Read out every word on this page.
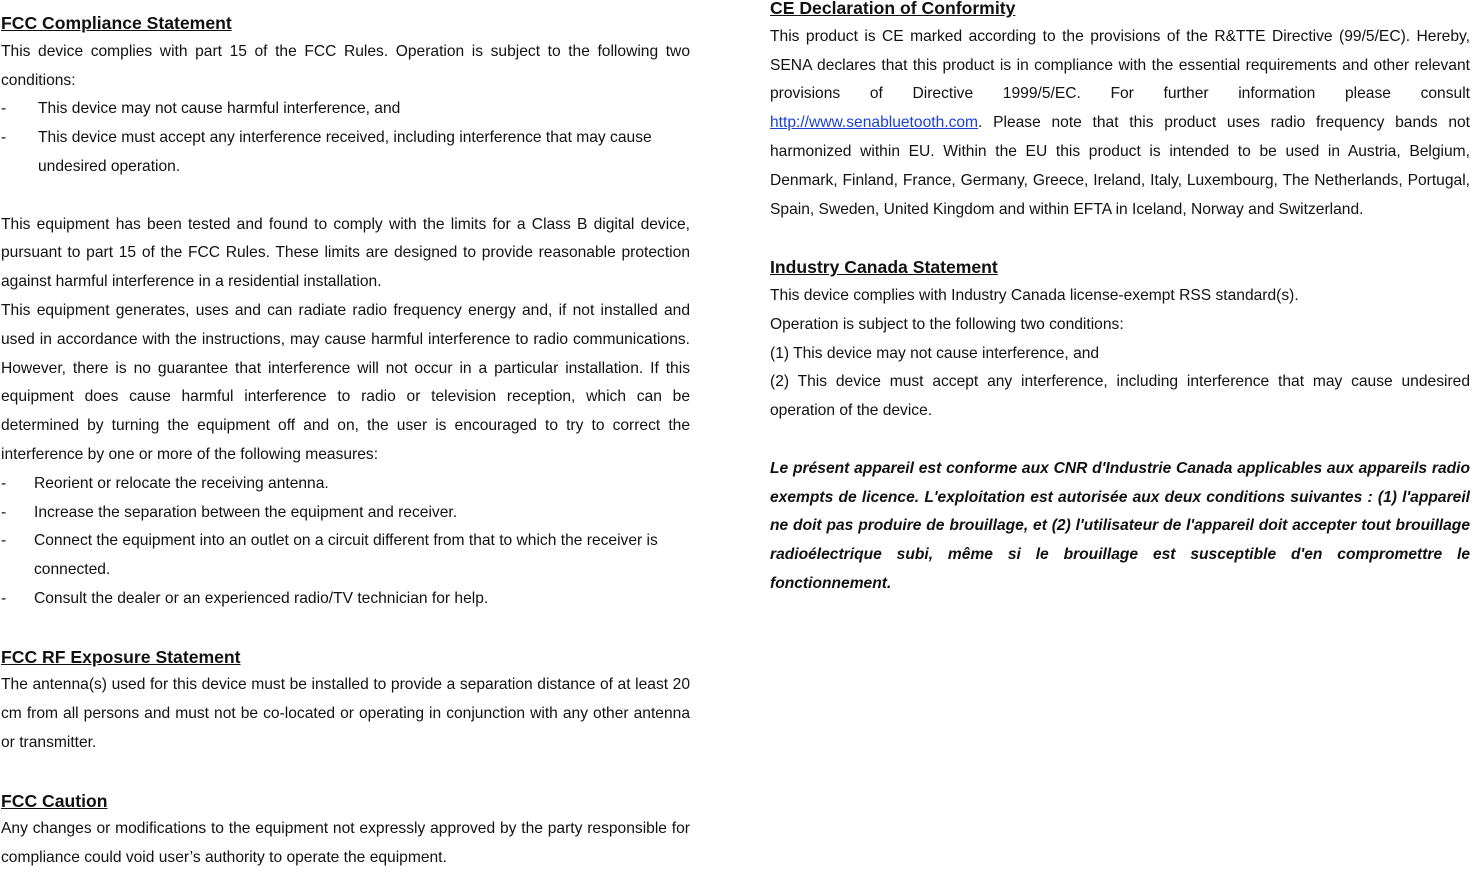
FCC Compliance Statement

This device complies with part 15 of the FCC Rules. Operation is subject to the following two conditions:

-	This device may not cause harmful interference, and
-	This device must accept any interference received, including interference that may cause undesired operation.

This equipment has been tested and found to comply with the limits for a Class B digital device, pursuant to part 15 of the FCC Rules. These limits are designed to provide reasonable protection against harmful interference in a residential installation.

This equipment generates, uses and can radiate radio frequency energy and, if not installed and used in accordance with the instructions, may cause harmful interference to radio communications. However, there is no guarantee that interference will not occur in a particular installation. If this equipment does cause harmful interference to radio or television reception, which can be determined by turning the equipment off and on, the user is encouraged to try to correct the interference by one or more of the following measures:

-	Reorient or relocate the receiving antenna.
-	Increase the separation between the equipment and receiver.
-	Connect the equipment into an outlet on a circuit different from that to which the receiver is connected.
-	Consult the dealer or an experienced radio/TV technician for help.
FCC RF Exposure Statement

The antenna(s) used for this device must be installed to provide a separation distance of at least 20 cm from all persons and must not be co-located or operating in conjunction with any other antenna or transmitter.

FCC Caution

Any changes or modifications to the equipment not expressly approved by the party responsible for compliance could void user’s authority to operate the equipment.

CE Declaration of Conformity

This product is CE marked according to the provisions of the R&TTE Directive (99/5/EC). Hereby, SENA declares that this product is in compliance with the essential requirements and other relevant provisions of Directive 1999/5/EC. For further information please consult http://www.senabluetooth.com. Please note that this product uses radio frequency bands not harmonized within EU. Within the EU this product is intended to be used in Austria, Belgium, Denmark, Finland, France, Germany, Greece, Ireland, Italy, Luxembourg, The Netherlands, Portugal, Spain, Sweden, United Kingdom and within EFTA in Iceland, Norway and Switzerland.

Industry Canada Statement

This device complies with Industry Canada license-exempt RSS standard(s).

Operation is subject to the following two conditions:

(1) This device may not cause interference, and

(2) This device must accept any interference, including interference that may cause undesired operation of the device.

Le présent appareil est conforme aux CNR d'Industrie Canada applicables aux appareils radio exempts de licence. L'exploitation est autorisée aux deux conditions suivantes : (1) l'appareil ne doit pas produire de brouillage, et (2) l'utilisateur de l'appareil doit accepter tout brouillage radioélectrique subi, même si le brouillage est susceptible d'en compromettre le fonctionnement.
